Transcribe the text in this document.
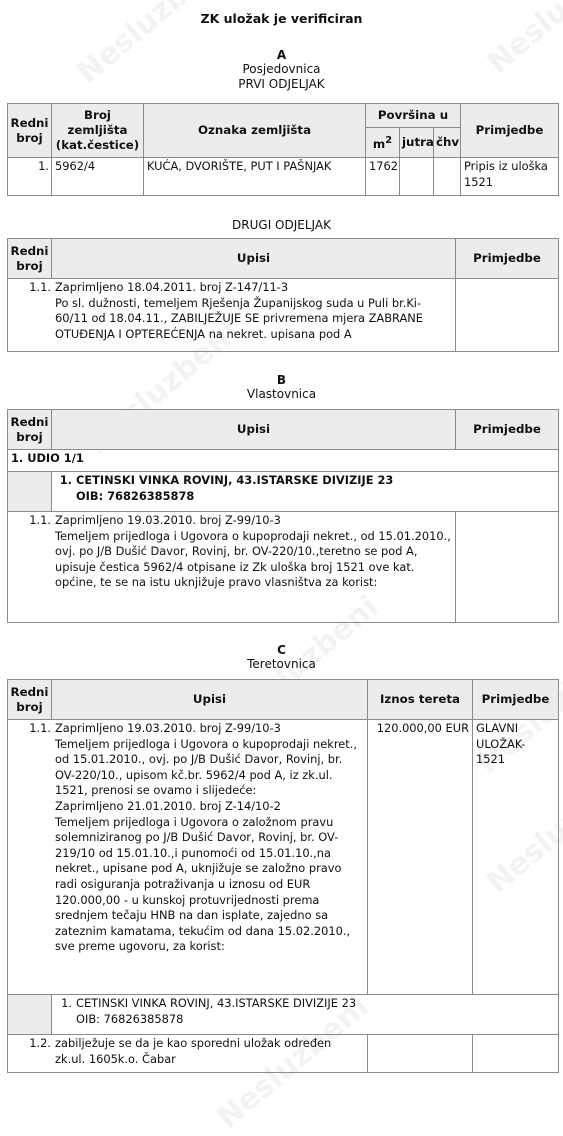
ZK uložak je verificiran
A
Posjedovnica
PRVI ODJELJAK
Redni broj	Broj zemljišta (kat.čestice)	Oznaka zemljišta	Površina u			Primjedbe
			$m^2$	jutra	čhv	
1.	5962/4	KUĆA, DVORIŠTE, PUT I PAŠNJAK	1762			Pripis iz uloška 1521
DRUGI ODJELJAK
Redni broj	Upisi	Primjedbe

1.1. Zaprimljeno 18.04.2011. broj Z-147/11-3
Po sl. dužnosti, temeljem Rješenja Županijskog suda u Puli br.Ki-60/11 od 18.04.11., ZABILJEŽUJE SE privremena mjera ZABRANE OTUĐENJA I OPTEREĆENJA na nekret. upisana pod A		

B
Vlastovnica
Redni broj	Upisi	Primjedbe
1. UDIO 1/1		

	1. CETINSKI VINKA ROVINJ, 43.ISTARSKE DIVIZIJE 23
OIB: 76826385878	

1.1. Zaprimljeno 19.03.2010. broj Z-99/10-3
Temeljem prijedloga i Ugovora o kupoprodaji nekret., od 15.01.2010., ovj. po J/B Dušić Davor, Rovinj, br. OV-220/10.,teretno se pod A, upisuje čestica 5962/4 otpisane iz Zk uloška broj 1521 ove kat. općine, te se na istu uknjižuje pravo vlasništva za korist:		

C
Teretovnica
Redni broj	Upisi	Iznos tereta	Primjedbe

1.1. Zaprimljeno 19.03.2010. broj Z-99/10-3
Temeljem prijedloga i Ugovora o kupoprodaji nekret., od 15.01.2010., ovj. po J/B Dušić Davor, Rovinj, br. OV-220/10., upisom kč.br. 5962/4 pod A, iz zk.ul. 1521, prenosi se ovamo i slijedeće:
Zaprimljeno 21.01.2010. broj Z-14/10-2
Temeljem prijedloga i Ugovora o založnom pravu solemniziranog po J/B Dušić Davor, Rovinj, br. OV-219/10 od 15.01.10.,i punomoći od 15.01.10.,na nekret., upisane pod A, uknjižuje se založno pravo radi osiguranja potraživanja u iznosu od EUR 120.000,00 - u kunskoj protuvrijednosti prema srednjem tečaju HNB na dan isplate, zajedno sa zateznim kamatama, tekućim od dana 15.02.2010., sve preme ugovoru, za korist:		120.000,00 EUR	GLAVNI ULOŽAK- 1521

	1. CETINSKI VINKA ROVINJ, 43.ISTARSKE DIVIZIJE 23
OIB: 76826385878		

1.2. zabilježuje se da je kao sporedni uložak određen zk.ul. 1605k.o. Čabar			
